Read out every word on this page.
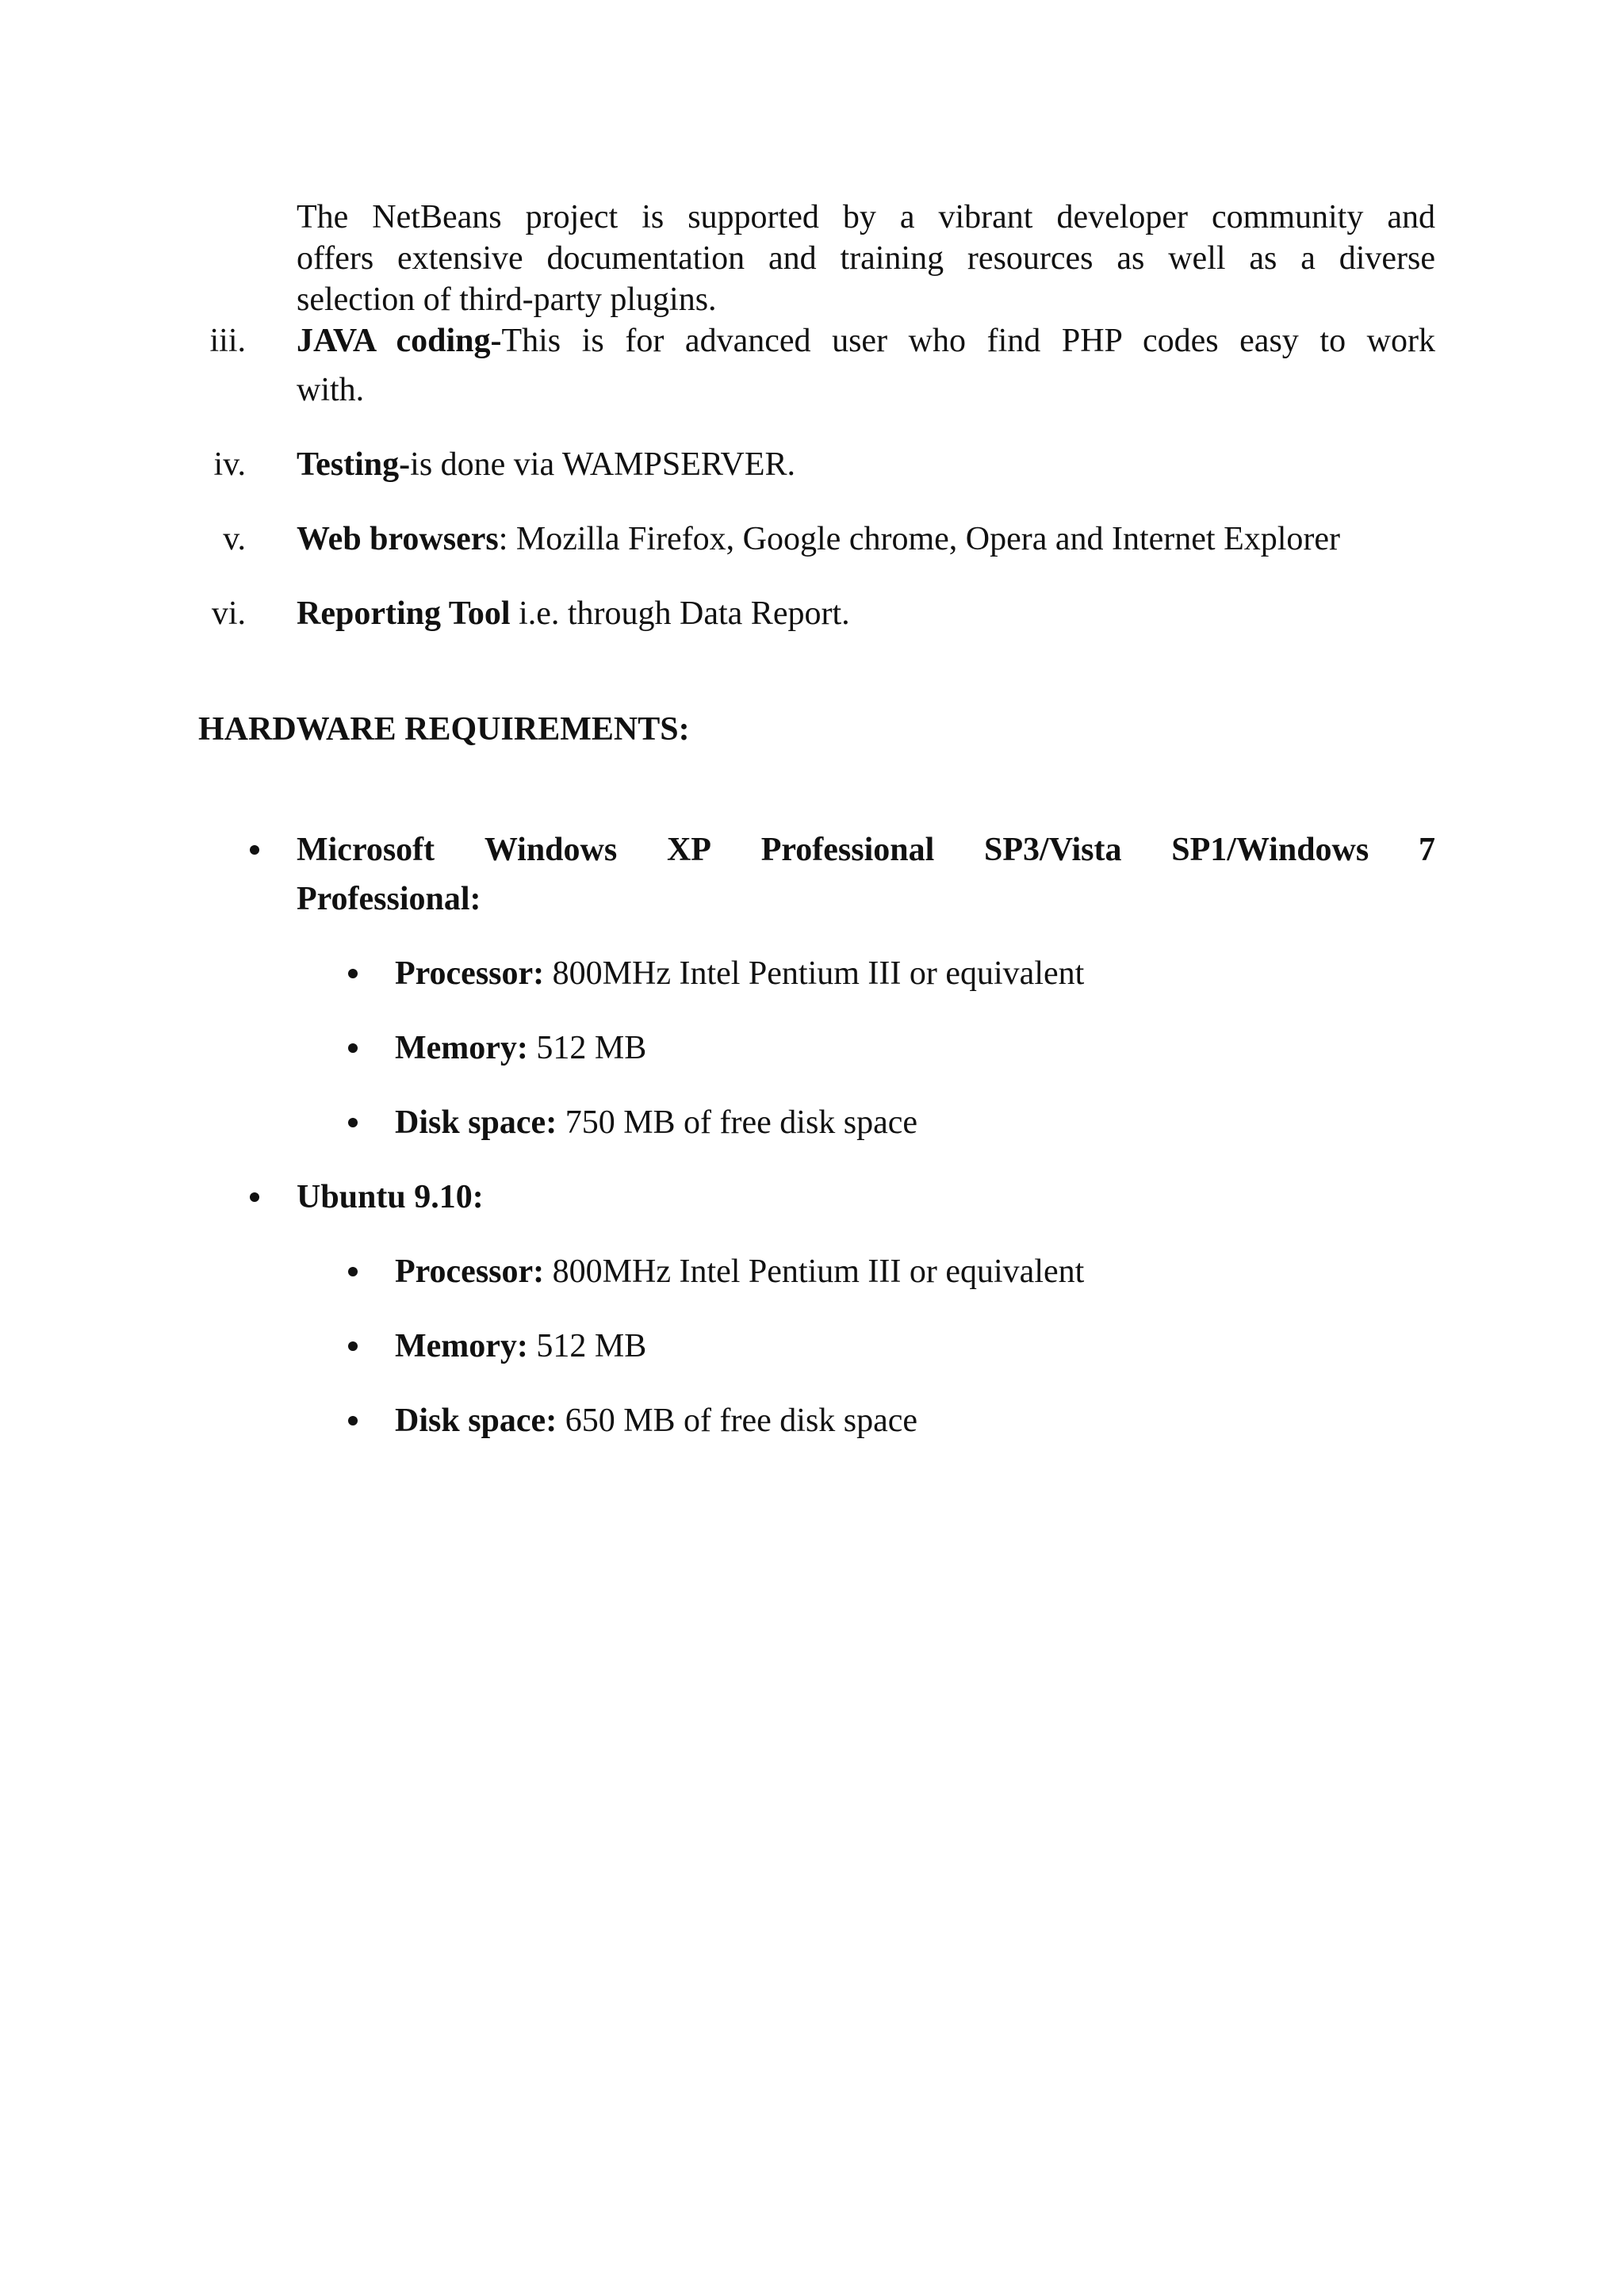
The NetBeans project is supported by a vibrant developer community and
offers extensive documentation and training resources as well as a diverse
selection of third-party plugins.
iii. JAVA coding-This is for advanced user who find PHP codes easy to work
with.
iv. Testing-is done via WAMPSERVER.
v. Web browsers: Mozilla Firefox, Google chrome, Opera and Internet Explorer
vi. Reporting Tool i.e. through Data Report.
HARDWARE REQUIREMENTS:
Microsoft Windows XP Professional SP3/Vista SP1/Windows 7
Professional:
Processor: 800MHz Intel Pentium III or equivalent
Memory: 512 MB
Disk space: 750 MB of free disk space
Ubuntu 9.10:
Processor: 800MHz Intel Pentium III or equivalent
Memory: 512 MB
Disk space: 650 MB of free disk space
